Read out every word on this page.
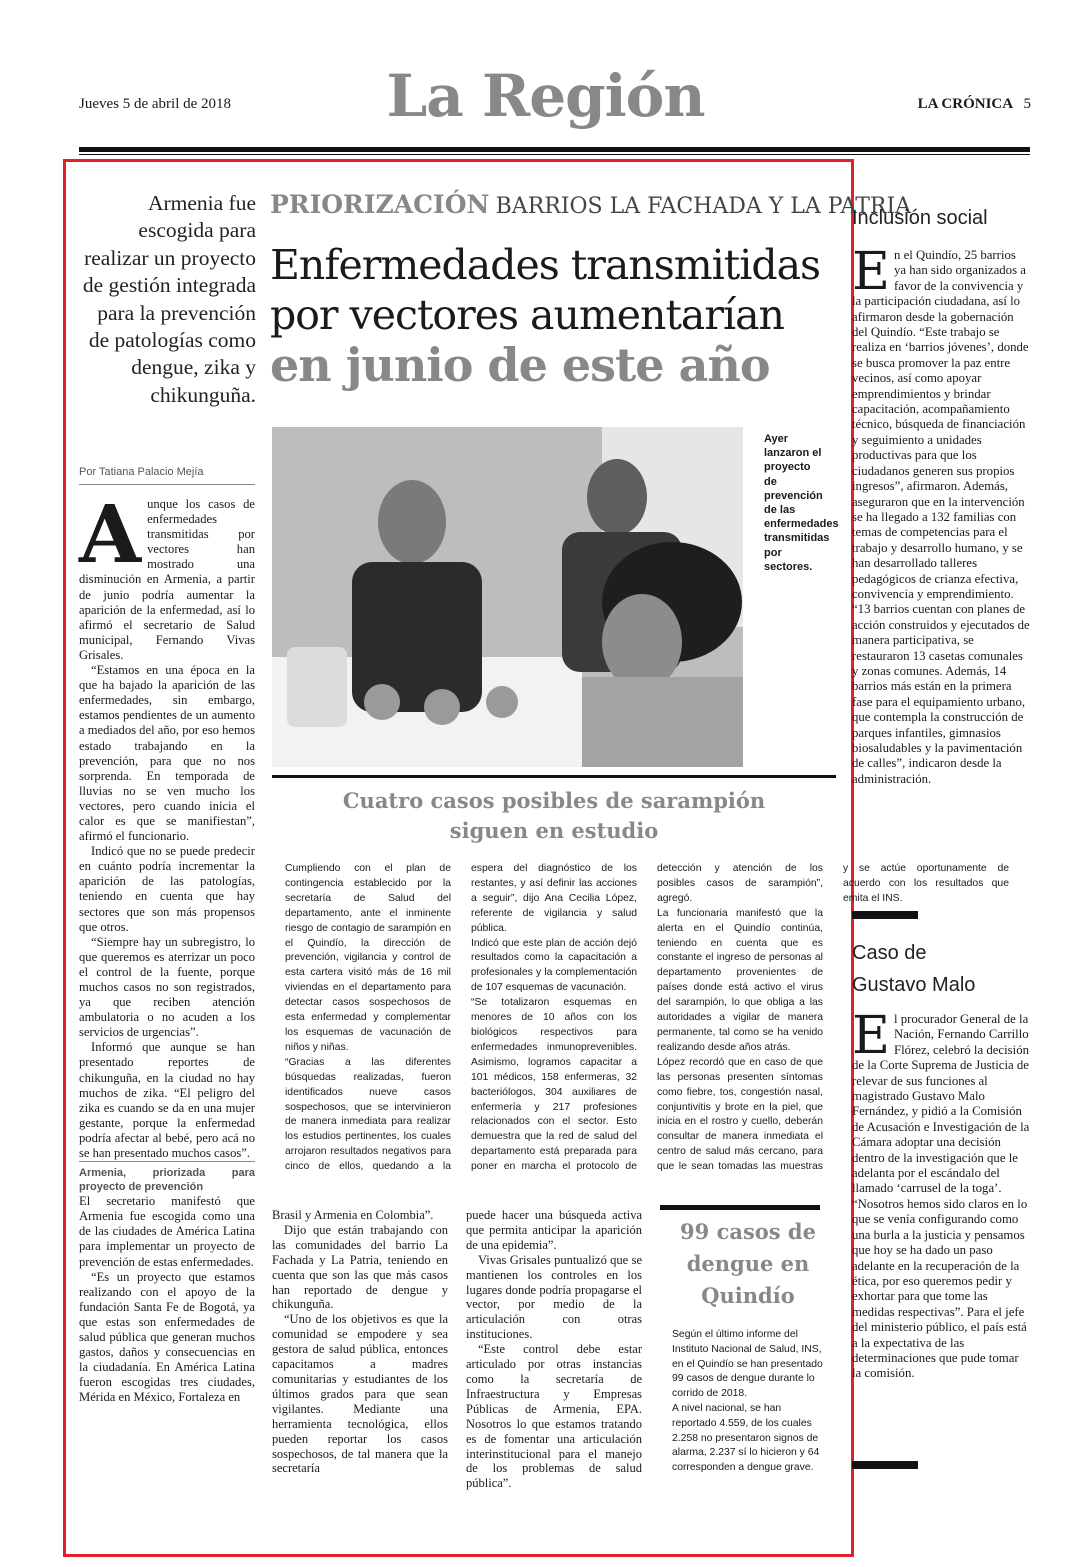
Jueves 5 de abril de 2018	La Región	LA CRÓNICA 5
Armenia fue escogida para realizar un proyecto de gestión integrada para la prevención de patologías como dengue, zika y chikunguña.
Por Tatiana Palacio Mejía

A unque los casos de enfermedades transmitidas por vectores han mostrado una disminución en Armenia, a partir de junio podría aumentar la aparición de la enfermedad, así lo afirmó el secretario de Salud municipal, Fernando Vivas Grisales.

“Estamos en una época en la que ha bajado la aparición de las enfermedades, sin embargo, estamos pendientes de un aumento a mediados del año, por eso hemos estado trabajando en la prevención, para que no nos sorprenda. En temporada de lluvias no se ven mucho los vectores, pero cuando inicia el calor es que se manifiestan”, afirmó el funcionario.

Indicó que no se puede predecir en cuánto podría incrementar la aparición de las patologías, teniendo en cuenta que hay sectores que son más propensos que otros.

“Siempre hay un subregistro, lo que queremos es aterrizar un poco el control de la fuente, porque muchos casos no son registrados, ya que reciben atención ambulatoria o no acuden a los servicios de urgencias”.

Informó que aunque se han presentado reportes de chikunguña, en la ciudad no hay muchos de zika. “El peligro del zika es cuando se da en una mujer gestante, porque la enfermedad podría afectar al bebé, pero acá no se han presentado muchos casos”.

Armenia, priorizada para proyecto de prevención

El secretario manifestó que Armenia fue escogida como una de las ciudades de América Latina para implementar un proyecto de prevención de estas enfermedades.

“Es un proyecto que estamos realizando con el apoyo de la fundación Santa Fe de Bogotá, ya que estas son enfermedades de salud pública que generan muchos gastos, daños y consecuencias en la ciudadanía. En América Latina fueron escogidas tres ciudades, Mérida en México, Fortaleza en

PRIORIZACIÓN BARRIOS LA FACHADA Y LA PATRIA
Enfermedades transmitidas
por vectores aumentarían
en junio de este año
Ayer lanzaron el proyecto de prevención de las enfermedades transmitidas por sectores.
Cuatro casos posibles de sarampión
siguen en estudio

Cumpliendo con el plan de contingencia establecido por la secretaría de Salud del departamento, ante el inminente riesgo de contagio de sarampión en el Quindío, la dirección de prevención, vigilancia y control de esta cartera visitó más de 16 mil viviendas en el departamento para detectar casos sospechosos de esta enfermedad y complementar los esquemas de vacunación de niños y niñas.

“Gracias a las diferentes búsquedas realizadas, fueron identificados nueve casos sospechosos, que se intervinieron de manera inmediata para realizar los estudios pertinentes, los cuales arrojaron resultados negativos para cinco de ellos, quedando a la espera del diagnóstico de los restantes, y así definir las acciones a seguir”, dijo Ana Cecilia López, referente de vigilancia y salud pública.

Indicó que este plan de acción dejó resultados como la capacitación a profesionales y la complementación de 107 esquemas de vacunación.

“Se totalizaron esquemas en menores de 10 años con los biológicos respectivos para enfermedades inmunoprevenibles. Asimismo, logramos capacitar a 101 médicos, 158 enfermeras, 32 bacteriólogos, 304 auxiliares de enfermería y 217 profesiones relacionados con el sector. Esto demuestra que la red de salud del departamento está preparada para poner en marcha el protocolo de detección y atención de los posibles casos de sarampión”, agregó.

La funcionaria manifestó que la alerta en el Quindío continúa, teniendo en cuenta que es constante el ingreso de personas al departamento provenientes de países donde está activo el virus del sarampión, lo que obliga a las autoridades a vigilar de manera permanente, tal como se ha venido realizando desde años atrás.

López recordó que en caso de que las personas presenten síntomas como fiebre, tos, congestión nasal, conjuntivitis y brote en la piel, que inicia en el rostro y cuello, deberán consultar de manera inmediata el centro de salud más cercano, para que le sean tomadas las muestras y se actúe oportunamente de acuerdo con los resultados que emita el INS.

Brasil y Armenia en Colombia”.

Dijo que están trabajando con las comunidades del barrio La Fachada y La Patria, teniendo en cuenta que son las que más casos han reportado de dengue y chikunguña.

“Uno de los objetivos es que la comunidad se empodere y sea gestora de salud pública, entonces capacitamos a madres comunitarias y estudiantes de los últimos grados para que sean vigilantes. Mediante una herramienta tecnológica, ellos pueden reportar los casos sospechosos, de tal manera que la secretaría

puede hacer una búsqueda activa que permita anticipar la aparición de una epidemia”.

Vivas Grisales puntualizó que se mantienen los controles en los lugares donde podría propagarse el vector, por medio de la articulación con otras instituciones.

“Este control debe estar articulado por otras instancias como la secretaría de Infraestructura y Empresas Públicas de Armenia, EPA. Nosotros lo que estamos tratando es de fomentar una articulación interinstitucional para el manejo de los problemas de salud pública”.

99 casos de
dengue en
Quindío

Según el último informe del Instituto Nacional de Salud, INS, en el Quindío se han presentado 99 casos de dengue durante lo corrido de 2018.

A nivel nacional, se han reportado 4.559, de los cuales 2.258 no presentaron signos de alarma, 2.237 sí lo hicieron y 64 corresponden a dengue grave.

Inclusión social

E n el Quindío, 25 barrios ya han sido organizados a favor de la convivencia y la participación ciudadana, así lo afirmaron desde la gobernación del Quindío. “Este trabajo se realiza en ‘barrios jóvenes’, donde se busca promover la paz entre vecinos, así como apoyar emprendimientos y brindar capacitación, acompañamiento técnico, búsqueda de financiación y seguimiento a unidades productivas para que los ciudadanos generen sus propios ingresos”, afirmaron. Además, aseguraron que en la intervención se ha llegado a 132 familias con temas de competencias para el trabajo y desarrollo humano, y se han desarrollado talleres pedagógicos de crianza efectiva, convivencia y emprendimiento. “13 barrios cuentan con planes de acción construidos y ejecutados de manera participativa, se restauraron 13 casetas comunales y zonas comunes. Además, 14 barrios más están en la primera fase para el equipamiento urbano, que contempla la construcción de parques infantiles, gimnasios biosaludables y la pavimentación de calles”, indicaron desde la administración.

Caso de
Gustavo Malo

E l procurador General de la Nación, Fernando Carrillo Flórez, celebró la decisión de la Corte Suprema de Justicia de relevar de sus funciones al magistrado Gustavo Malo Fernández, y pidió a la Comisión de Acusación e Investigación de la Cámara adoptar una decisión dentro de la investigación que le adelanta por el escándalo del llamado ‘carrusel de la toga’. “Nosotros hemos sido claros en lo que se venía configurando como una burla a la justicia y pensamos que hoy se ha dado un paso adelante en la recuperación de la ética, por eso queremos pedir y exhortar para que tome las medidas respectivas”. Para el jefe del ministerio público, el país está a la expectativa de las determinaciones que pude tomar la comisión.
